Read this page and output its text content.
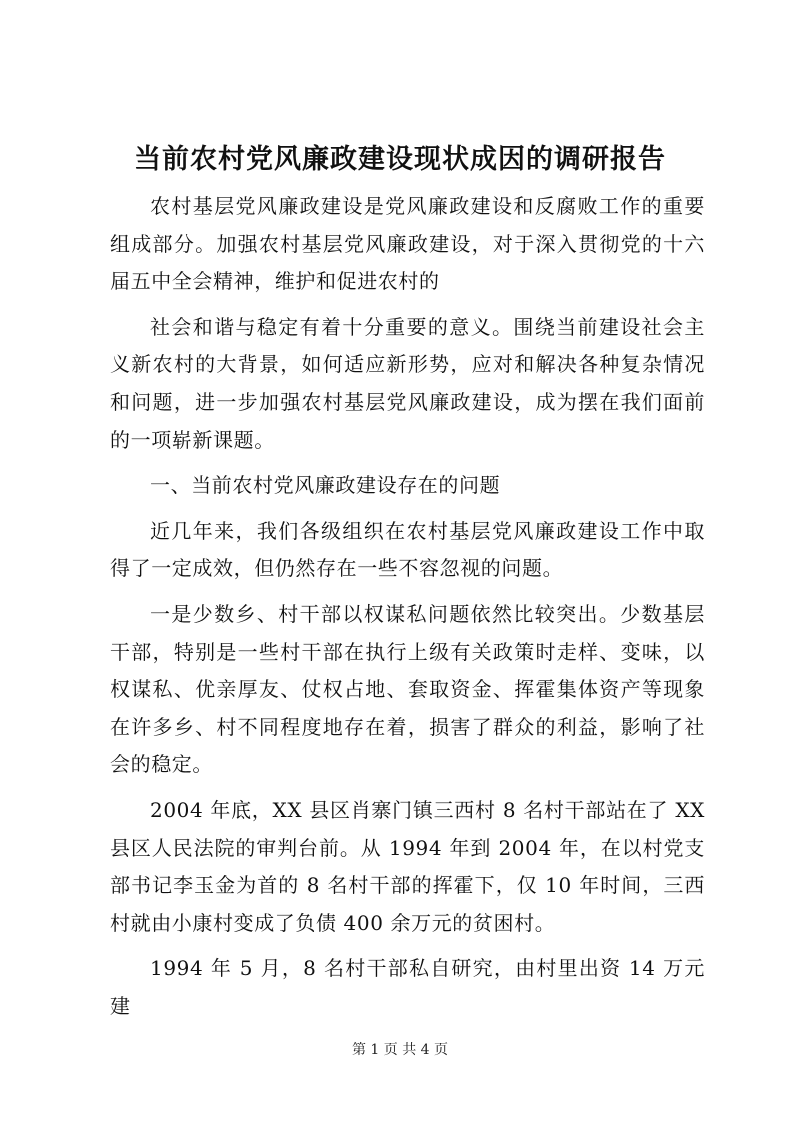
当前农村党风廉政建设现状成因的调研报告

农村基层党风廉政建设是党风廉政建设和反腐败工作的重要组成部分。加强农村基层党风廉政建设，对于深入贯彻党的十六届五中全会精神，维护和促进农村的

社会和谐与稳定有着十分重要的意义。围绕当前建设社会主义新农村的大背景，如何适应新形势，应对和解决各种复杂情况和问题，进一步加强农村基层党风廉政建设，成为摆在我们面前的一项崭新课题。

一、当前农村党风廉政建设存在的问题

近几年来，我们各级组织在农村基层党风廉政建设工作中取得了一定成效，但仍然存在一些不容忽视的问题。

一是少数乡、村干部以权谋私问题依然比较突出。少数基层干部，特别是一些村干部在执行上级有关政策时走样、变味，以权谋私、优亲厚友、仗权占地、套取资金、挥霍集体资产等现象在许多乡、村不同程度地存在着，损害了群众的利益，影响了社会的稳定。

2004 年底，XX 县区肖寨门镇三西村 8 名村干部站在了 XX 县区人民法院的审判台前。从 1994 年到 2004 年，在以村党支部书记李玉金为首的 8 名村干部的挥霍下，仅 10 年时间，三西村就由小康村变成了负债 400 余万元的贫困村。

1994 年 5 月，8 名村干部私自研究，由村里出资 14 万元建

第 1 页 共 4 页
